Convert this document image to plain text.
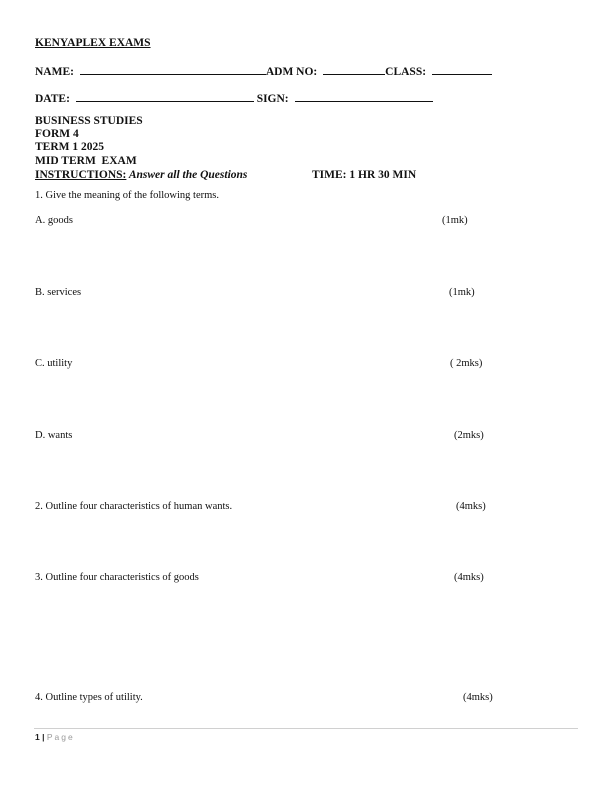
KENYAPLEX EXAMS
NAME:	ADM NO:	CLASS:
DATE:	SIGN:
BUSINESS STUDIES
FORM 4
TERM 1 2025
MID TERM  EXAM
INSTRUCTIONS: Answer all the Questions	TIME: 1 HR 30 MIN
1. Give the meaning of the following terms.
A. goods	(1mk)
B. services	(1mk)
C. utility	( 2mks)
D. wants	(2mks)
2. Outline four characteristics of human wants.	(4mks)
3. Outline four characteristics of goods	(4mks)
4. Outline types of utility.	(4mks)
1 | Page
